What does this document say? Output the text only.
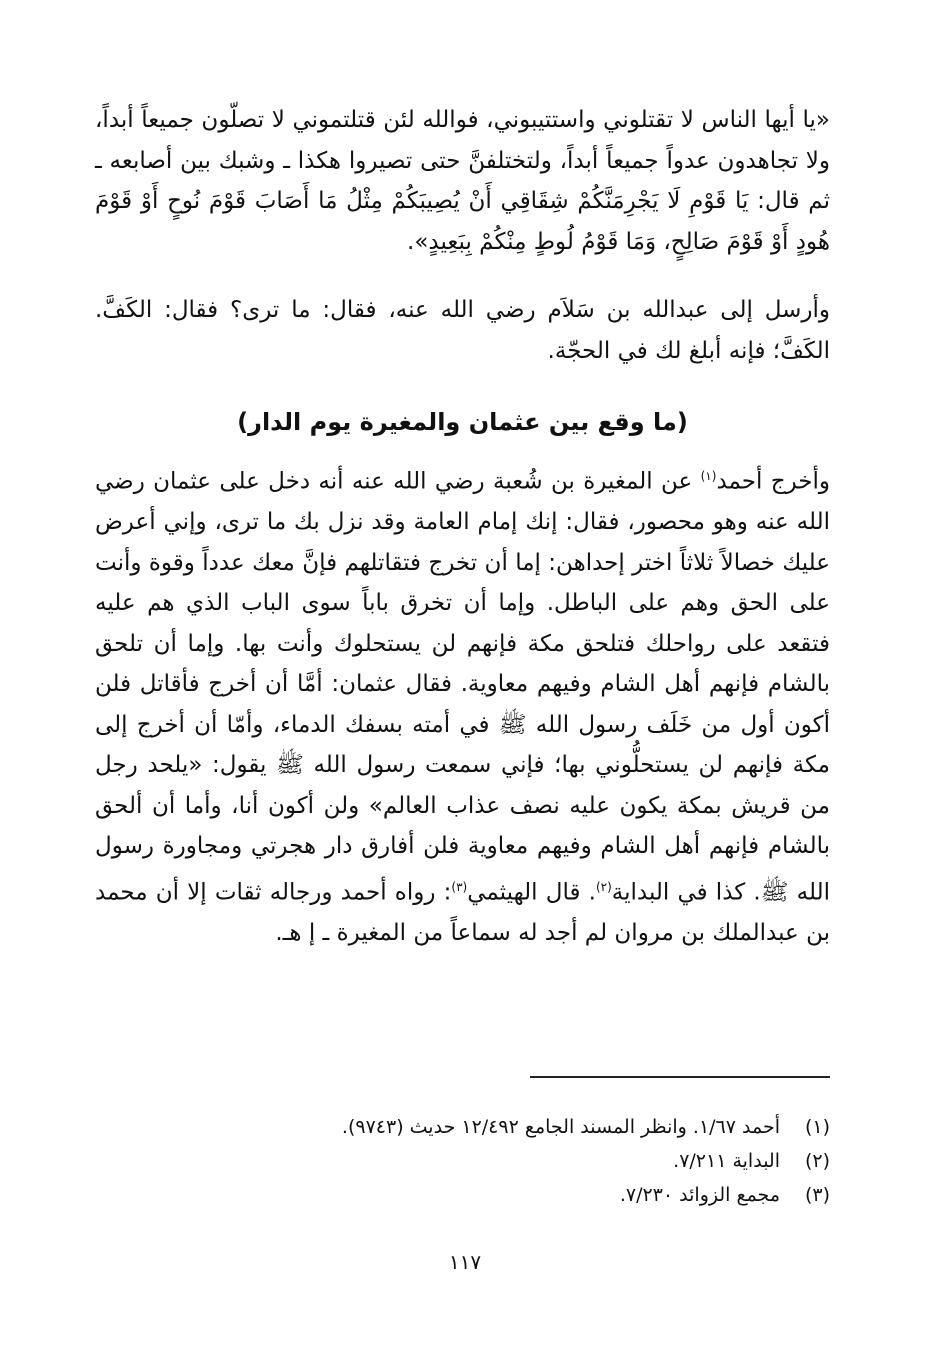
«يا أيها الناس لا تقتلوني واستتيبوني، فوالله لئن قتلتموني لا تصلّون جميعاً أبداً، ولا تجاهدون عدواً جميعاً أبداً، ولتختلفنَّ حتى تصيروا هكذا ـ وشبك بين أصابعه ـ ثم قال: يَا قَوْمِ لَا يَجْرِمَنَّكُمْ شِقَاقِي أَنْ يُصِيبَكُمْ مِثْلُ مَا أَصَابَ قَوْمَ نُوحٍ أَوْ قَوْمَ هُودٍ أَوْ قَوْمَ صَالِحٍ، وَمَا قَوْمُ لُوطٍ مِنْكُمْ بِبَعِيدٍ».

وأرسل إلى عبدالله بن سَلاَم رضي الله عنه، فقال: ما ترى؟ فقال: الكَفَّ. الكَفَّ؛ فإنه أبلغ لك في الحجّة.

(ما وقع بين عثمان والمغيرة يوم الدار)

وأخرج أحمد$^{(١)}$ عن المغيرة بن شُعبة رضي الله عنه أنه دخل على عثمان رضي الله عنه وهو محصور، فقال: إنك إمام العامة وقد نزل بك ما ترى، وإني أعرض عليك خصالاً ثلاثاً اختر إحداهن: إما أن تخرج فتقاتلهم فإنَّ معك عدداً وقوة وأنت على الحق وهم على الباطل. وإما أن تخرق باباً سوى الباب الذي هم عليه فتقعد على رواحلك فتلحق مكة فإنهم لن يستحلوك وأنت بها. وإما أن تلحق بالشام فإنهم أهل الشام وفيهم معاوية. فقال عثمان: أمَّا أن أخرج فأقاتل فلن أكون أول من خَلَف رسول الله ﷺ في أمته بسفك الدماء، وأمّا أن أخرج إلى مكة فإنهم لن يستحلُّوني بها؛ فإني سمعت رسول الله ﷺ يقول: «يلحد رجل من قريش بمكة يكون عليه نصف عذاب العالم» ولن أكون أنا، وأما أن ألحق بالشام فإنهم أهل الشام وفيهم معاوية فلن أفارق دار هجرتي ومجاورة رسول الله ﷺ. كذا في البداية$^{(٢)}$. قال الهيثمي$^{(٣)}$: رواه أحمد ورجاله ثقات إلا أن محمد بن عبدالملك بن مروان لم أجد له سماعاً من المغيرة ـ إ هـ.

(١)
أحمد ١/٦٧. وانظر المسند الجامع ١٢/٤٩٢ حديث (٩٧٤٣).
(٢)
البداية ٧/٢١١.
(٣)
مجمع الزوائد ٧/٢٣٠.
١١٧
